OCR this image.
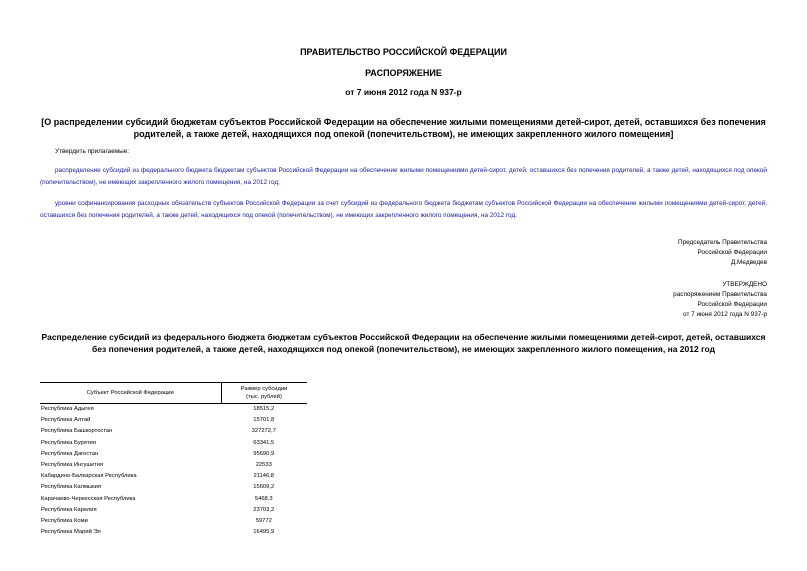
ПРАВИТЕЛЬСТВО РОССИЙСКОЙ ФЕДЕРАЦИИ
РАСПОРЯЖЕНИЕ
от 7 июня 2012 года N 937-р
[О распределении субсидий бюджетам субъектов Российской Федерации на обеспечение жилыми помещениями детей-сирот, детей, оставшихся без попечения родителей, а также детей, находящихся под опекой (попечительством), не имеющих закрепленного жилого помещения]
Утвердить прилагаемые:
распределение субсидий из федерального бюджета бюджетам субъектов Российской Федерации на обеспечение жилыми помещениями детей-сирот, детей, оставшихся без попечения родителей, а также детей, находящихся под опекой (попечительством), не имеющих закрепленного жилого помещения, на 2012 год;
уровни софинансирования расходных обязательств субъектов Российской Федерации за счет субсидий из федерального бюджета бюджетам субъектов Российской Федерации на обеспечение жилыми помещениями детей-сирот, детей, оставшихся без попечения родителей, а также детей, находящихся под опекой (попечительством), не имеющих закрепленного жилого помещения, на 2012 год.
Председатель Правительства
Российской Федерации
Д.Медведев
УТВЕРЖДЕНО
распоряжением Правительства
Российской Федерации
от 7 июня 2012 года N 937-р
Распределение субсидий из федерального бюджета бюджетам субъектов Российской Федерации на обеспечение жилыми помещениями детей-сирот, детей, оставшихся без попечения родителей, а также детей, находящихся под опекой (попечительством), не имеющих закрепленного жилого помещения, на 2012 год
Субъект Российской Федерации	Размер субсидии
(тыс. рублей)

Республика Адыгея	18515,2
Республика Алтай	15701,8
Республика Башкортостан	327272,7
Республика Бурятия	63341,5
Республика Дагестан	95690,9
Республика Ингушетия	22533
Кабардино-Балкарская Республика	21146,8
Республика Калмыкия	15609,2
Карачаево-Черкесская Республика	5468,3
Республика Карелия	23703,2
Республика Коми	59772
Республика Марий Эл	16495,9
